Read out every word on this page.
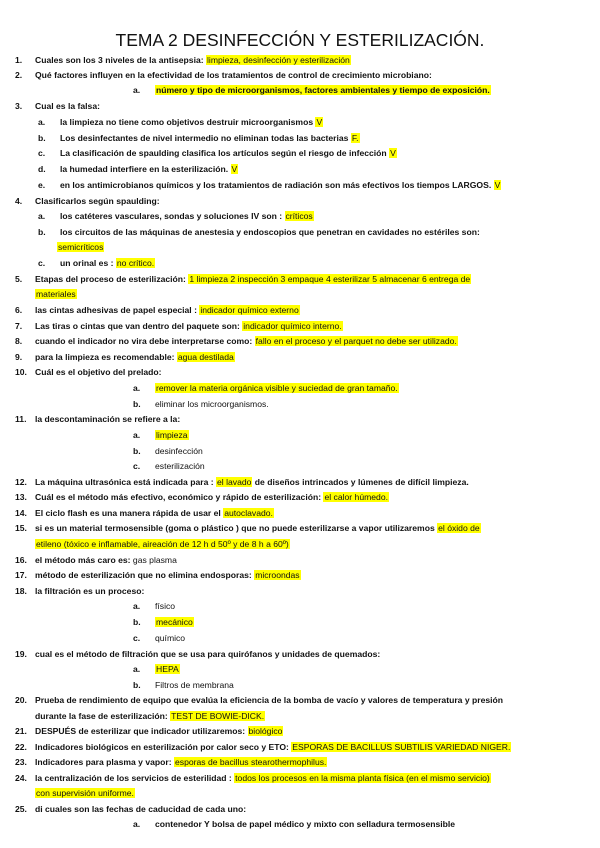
TEMA 2 DESINFECCIÓN Y ESTERILIZACIÓN.
1.	Cuales son los 3 niveles de la antisepsia: limpieza, desinfección y esterilización
2.	Qué factores influyen en la efectividad de los tratamientos de control de crecimiento microbiano:
a. número y tipo de microorganismos, factores ambientales y tiempo de exposición.
3.	Cual es la falsa:
a. la limpieza no tiene como objetivos destruir microorganismos V
b. Los desinfectantes de nivel intermedio no eliminan todas las bacterias F.
c. La clasificación de spaulding clasifica los artículos según el riesgo de infección V
d. la humedad interfiere en la esterilización. V
e. en los antimicrobianos químicos y los tratamientos de radiación son más efectivos los tiempos LARGOS. V
4.	Clasificarlos según spaulding:
a. los catéteres vasculares, sondas y soluciones IV son : críticos
b. los circuitos de las máquinas de anestesia y endoscopios que penetran en cavidades no estériles son:
semicríticos
c. un orinal es : no crítico.
5.	Etapas del proceso de esterilización: 1 limpieza 2 inspección 3 empaque 4 esterilizar 5 almacenar 6 entrega de
materiales
6.	las cintas adhesivas de papel especial : indicador químico externo
7.	Las tiras o cintas que van dentro del paquete son: indicador químico interno.
8.	cuando el indicador no vira debe interpretarse como: fallo en el proceso y el parquet no debe ser utilizado.
9.	para la limpieza es recomendable: agua destilada
10. Cuál es el objetivo del prelado:
a. remover la materia orgánica visible y suciedad de gran tamaño.
b. eliminar los microorganismos.
11. la descontaminación se refiere a la:
a. limpieza
b. desinfección
c. esterilización
12. La máquina ultrasónica está indicada para : el lavado de diseños intrincados y lúmenes de difícil limpieza.
13. Cuál es el método más efectivo, económico y rápido de esterilización: el calor húmedo.
14. El ciclo flash es una manera rápida de usar el autoclavado.
15. si es un material termosensible (goma o plástico ) que no puede esterilizarse a vapor utilizaremos el óxido de
etileno (tóxico e inflamable, aireación de 12 h d 50º y de 8 h a 60º)
16. el método más caro es: gas plasma
17. método de esterilización que no elimina endosporas: microondas
18. la filtración es un proceso:
a. físico
b. mecánico
c. químico
19. cual es el método de filtración que se usa para quirófanos y unidades de quemados:
a. HEPA
b. Filtros de membrana
20. Prueba de rendimiento de equipo que evalúa la eficiencia de la bomba de vacío y valores de temperatura y presión
durante la fase de esterilización: TEST DE BOWIE-DICK.
21. DESPUÉS de esterilizar que indicador utilizaremos: biológico
22. Indicadores biológicos en esterilización por calor seco y ETO: ESPORAS DE BACILLUS SUBTILIS VARIEDAD NIGER.
23. Indicadores para plasma y vapor: esporas de bacillus stearothermophilus.
24. la centralización de los servicios de esterilidad : todos los procesos en la misma planta física (en el mismo servicio)
con supervisión uniforme.
25. di cuales son las fechas de caducidad de cada uno:
a. contenedor Y bolsa de papel médico y mixto con selladura termosensible
